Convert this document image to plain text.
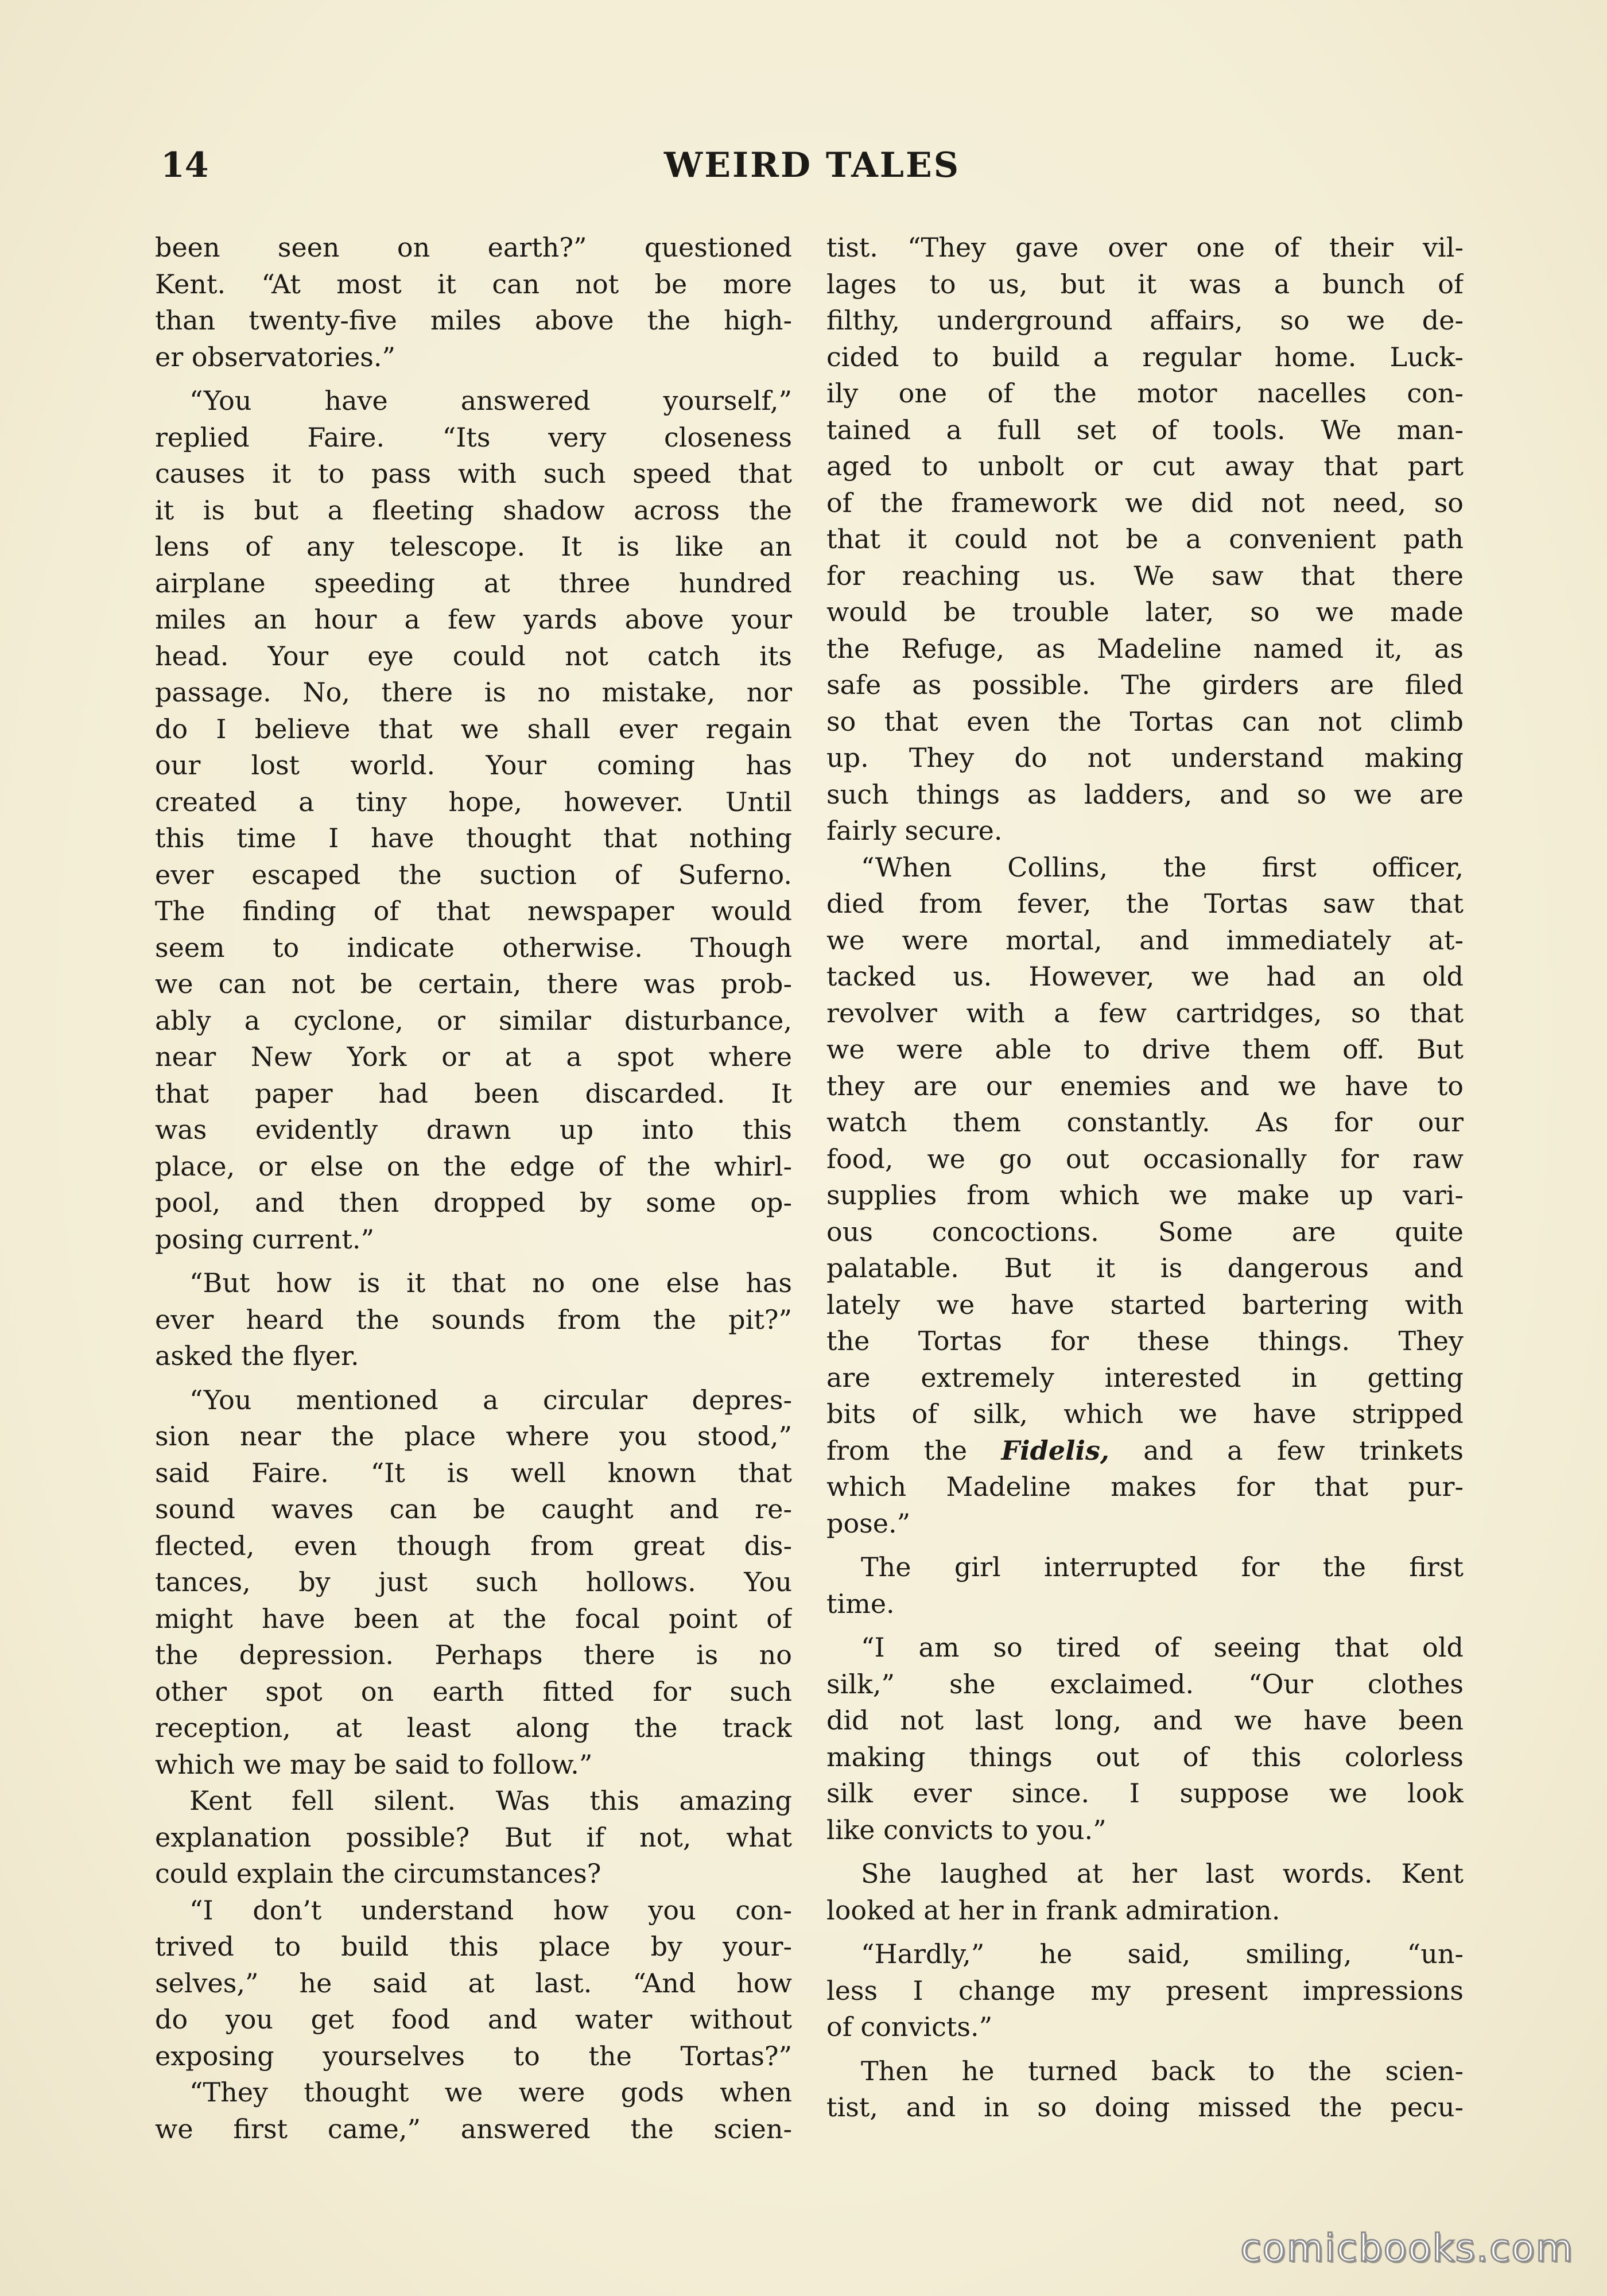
14	WEIRD TALES

been seen on earth?” questioned

Kent. “At most it can not be more

than twenty-five miles above the high-

er observatories.”

“You have answered yourself,”

replied Faire. “Its very closeness

causes it to pass with such speed that

it is but a fleeting shadow across the

lens of any telescope. It is like an

airplane speeding at three hundred

miles an hour a few yards above your

head. Your eye could not catch its

passage. No, there is no mistake, nor

do I believe that we shall ever regain

our lost world. Your coming has

created a tiny hope, however. Until

this time I have thought that nothing

ever escaped the suction of Suferno.

The finding of that newspaper would

seem to indicate otherwise. Though

we can not be certain, there was prob-

ably a cyclone, or similar disturbance,

near New York or at a spot where

that paper had been discarded. It

was evidently drawn up into this

place, or else on the edge of the whirl-

pool, and then dropped by some op-

posing current.”

“But how is it that no one else has

ever heard the sounds from the pit?”

asked the flyer.

“You mentioned a circular depres-

sion near the place where you stood,”

said Faire. “It is well known that

sound waves can be caught and re-

flected, even though from great dis-

tances, by just such hollows. You

might have been at the focal point of

the depression. Perhaps there is no

other spot on earth fitted for such

reception, at least along the track

which we may be said to follow.”

Kent fell silent. Was this amazing

explanation possible? But if not, what

could explain the circumstances?

“I don’t understand how you con-

trived to build this place by your-

selves,” he said at last. “And how

do you get food and water without

exposing yourselves to the Tortas?”

“They thought we were gods when

we first came,” answered the scien-

tist. “They gave over one of their vil-

lages to us, but it was a bunch of

filthy, underground affairs, so we de-

cided to build a regular home. Luck-

ily one of the motor nacelles con-

tained a full set of tools. We man-

aged to unbolt or cut away that part

of the framework we did not need, so

that it could not be a convenient path

for reaching us. We saw that there

would be trouble later, so we made

the Refuge, as Madeline named it, as

safe as possible. The girders are filed

so that even the Tortas can not climb

up. They do not understand making

such things as ladders, and so we are

fairly secure.

“When Collins, the first officer,

died from fever, the Tortas saw that

we were mortal, and immediately at-

tacked us. However, we had an old

revolver with a few cartridges, so that

we were able to drive them off. But

they are our enemies and we have to

watch them constantly. As for our

food, we go out occasionally for raw

supplies from which we make up vari-

ous concoctions. Some are quite

palatable. But it is dangerous and

lately we have started bartering with

the Tortas for these things. They

are extremely interested in getting

bits of silk, which we have stripped

from the Fidelis, and a few trinkets

which Madeline makes for that pur-

pose.”

The girl interrupted for the first

time.

“I am so tired of seeing that old

silk,” she exclaimed. “Our clothes

did not last long, and we have been

making things out of this colorless

silk ever since. I suppose we look

like convicts to you.”

She laughed at her last words. Kent

looked at her in frank admiration.

“Hardly,” he said, smiling, “un-

less I change my present impressions

of convicts.”

Then he turned back to the scien-

tist, and in so doing missed the pecu-

comicbooks.com
